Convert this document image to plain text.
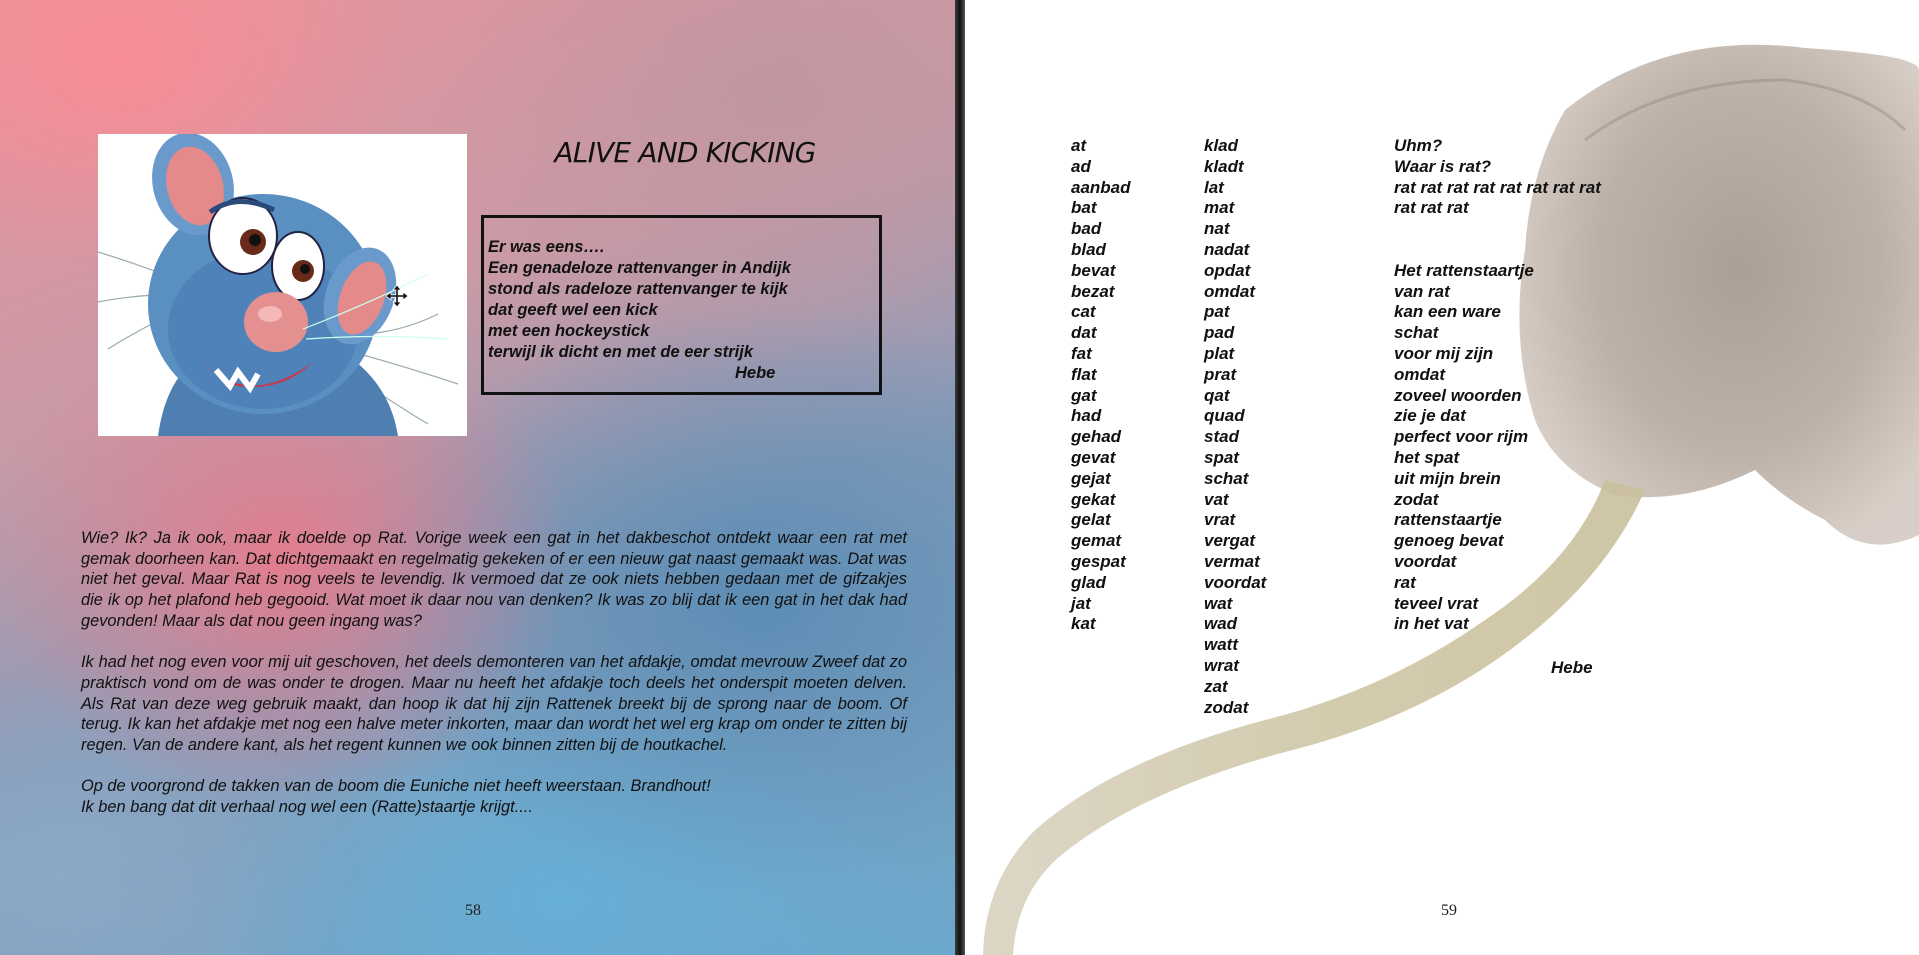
ALIVE AND KICKING
Er was eens….
Een genadeloze rattenvanger in Andijk
stond als radeloze rattenvanger te kijk
dat geeft wel een kick
met een hockeystick
terwijl ik dicht en met de eer strijk
Hebe

Wie? Ik? Ja ik ook, maar ik doelde op Rat. Vorige week een gat in het dakbeschot ontdekt waar een rat met gemak doorheen kan. Dat dichtgemaakt en regelmatig gekeken of er een nieuw gat naast gemaakt was. Dat was niet het geval. Maar Rat is nog veels te levendig. Ik vermoed dat ze ook niets hebben gedaan met de gifzakjes die ik op het plafond heb gegooid. Wat moet ik daar nou van denken? Ik was zo blij dat ik een gat in het dak had gevonden! Maar als dat nou geen ingang was?

Ik had het nog even voor mij uit geschoven, het deels demonteren van het afdakje, omdat mevrouw Zweef dat zo praktisch vond om de was onder te drogen. Maar nu heeft het afdakje toch deels het onderspit moeten delven. Als Rat van deze weg gebruik maakt, dan hoop ik dat hij zijn Rattenek breekt bij de sprong naar de boom. Of terug. Ik kan het afdakje met nog een halve meter inkorten, maar dan wordt het wel erg krap om onder te zitten bij regen. Van de andere kant, als het regent kunnen we ook binnen zitten bij de houtkachel.

Op de voorgrond de takken van de boom die Euniche niet heeft weerstaan. Brandhout!
Ik ben bang dat dit verhaal nog wel een (Ratte)staartje krijgt....

58
at
ad
aanbad
bat
bad
blad
bevat
bezat
cat
dat
fat
flat
gat
had
gehad
gevat
gejat
gekat
gelat
gemat
gespat
glad
jat
kat
klad
kladt
lat
mat
nat
nadat
opdat
omdat
pat
pad
plat
prat
qat
quad
stad
spat
schat
vat
vrat
vergat
vermat
voordat
wat
wad
watt
wrat
zat
zodat
Uhm?
Waar is rat?
rat rat rat rat rat rat rat rat
rat rat rat
Het rattenstaartje
van rat
kan een ware
schat
voor mij zijn
omdat
zoveel woorden
zie je dat
perfect voor rijm
het spat
uit mijn brein
zodat
rattenstaartje
genoeg bevat
voordat
rat
teveel vrat
in het vat
Hebe
59
